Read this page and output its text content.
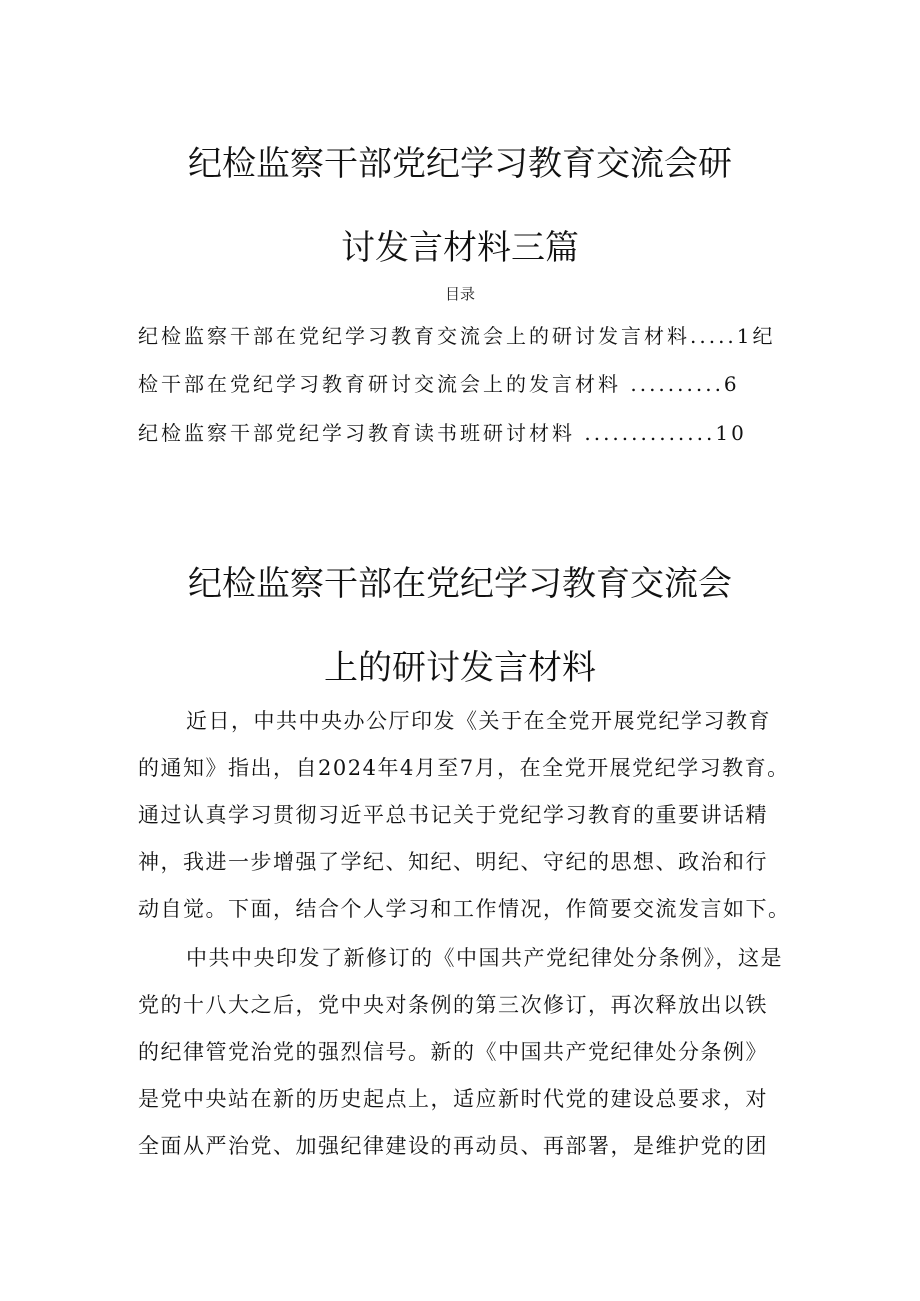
纪检监察干部党纪学习教育交流会研
讨发言材料三篇
目录
纪检监察干部在党纪学习教育交流会上的研讨发言材料.....1纪
检干部在党纪学习教育研讨交流会上的发言材料 ..........6
纪检监察干部党纪学习教育读书班研讨材料 ..............10
纪检监察干部在党纪学习教育交流会
上的研讨发言材料
近日，中共中央办公厅印发《关于在全党开展党纪学习教育
的通知》指出，自2024年4月至7月，在全党开展党纪学习教育。
通过认真学习贯彻习近平总书记关于党纪学习教育的重要讲话精
神，我进一步增强了学纪、知纪、明纪、守纪的思想、政治和行
动自觉。下面，结合个人学习和工作情况，作简要交流发言如下。
中共中央印发了新修订的《中国共产党纪律处分条例》，这是
党的十八大之后，党中央对条例的第三次修订，再次释放出以铁
的纪律管党治党的强烈信号。新的《中国共产党纪律处分条例》
是党中央站在新的历史起点上，适应新时代党的建设总要求，对
全面从严治党、加强纪律建设的再动员、再部署，是维护党的团
